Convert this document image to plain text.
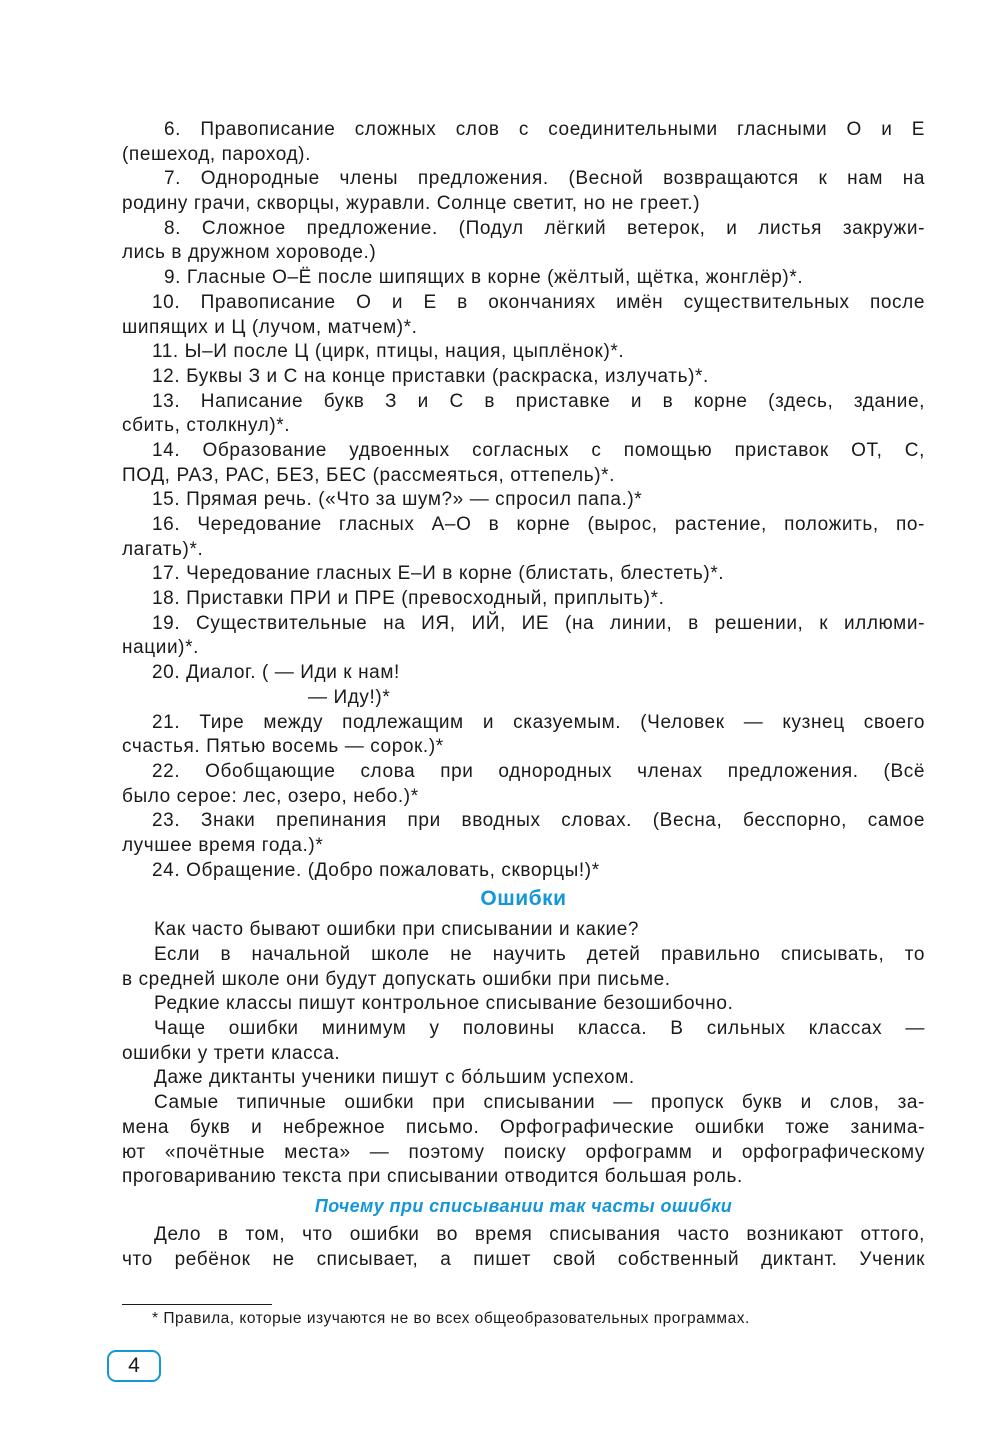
6. Правописание сложных слов с соединительными гласными О и Е
(пешеход, пароход).
7. Однородные члены предложения. (Весной возвращаются к нам на
родину грачи, скворцы, журавли. Солнце светит, но не греет.)
8. Сложное предложение. (Подул лёгкий ветерок, и листья закружи-
лись в дружном хороводе.)
9. Гласные О–Ё после шипящих в корне (жёлтый, щётка, жонглёр)*.
10. Правописание О и Е в окончаниях имён существительных после
шипящих и Ц (лучом, матчем)*.
11. Ы–И после Ц (цирк, птицы, нация, цыплёнок)*.
12. Буквы З и С на конце приставки (раскраска, излучать)*.
13. Написание букв З и С в приставке и в корне (здесь, здание,
сбить, столкнул)*.
14. Образование удвоенных согласных с помощью приставок ОТ, С,
ПОД, РАЗ, РАС, БЕЗ, БЕС (рассмеяться, оттепель)*.
15. Прямая речь. («Что за шум?» — спросил папа.)*
16. Чередование гласных А–О в корне (вырос, растение, положить, по-
лагать)*.
17. Чередование гласных Е–И в корне (блистать, блестеть)*.
18. Приставки ПРИ и ПРЕ (превосходный, приплыть)*.
19. Существительные на ИЯ, ИЙ, ИЕ (на линии, в решении, к иллюми-
нации)*.
20. Диалог. ( — Иди к нам!
— Иду!)*
21. Тире между подлежащим и сказуемым. (Человек — кузнец своего
счастья. Пятью восемь — сорок.)*
22. Обобщающие слова при однородных членах предложения. (Всё
было серое: лес, озеро, небо.)*
23. Знаки препинания при вводных словах. (Весна, бесспорно, самое
лучшее время года.)*
24. Обращение. (Добро пожаловать, скворцы!)*
Ошибки
Как часто бывают ошибки при списывании и какие?
Если в начальной школе не научить детей правильно списывать, то
в средней школе они будут допускать ошибки при письме.
Редкие классы пишут контрольное списывание безошибочно.
Чаще ошибки минимум у половины класса. В сильных классах —
ошибки у трети класса.
Даже диктанты ученики пишут с бо́льшим успехом.
Самые типичные ошибки при списывании — пропуск букв и слов, за-
мена букв и небрежное письмо. Орфографические ошибки тоже занима-
ют «почётные места» — поэтому поиску орфограмм и орфографическому
проговариванию текста при списывании отводится большая роль.
Почему при списывании так часты ошибки
Дело в том, что ошибки во время списывания часто возникают оттого,
что ребёнок не списывает, а пишет свой собственный диктант. Ученик
* Правила, которые изучаются не во всех общеобразовательных программах.
4
